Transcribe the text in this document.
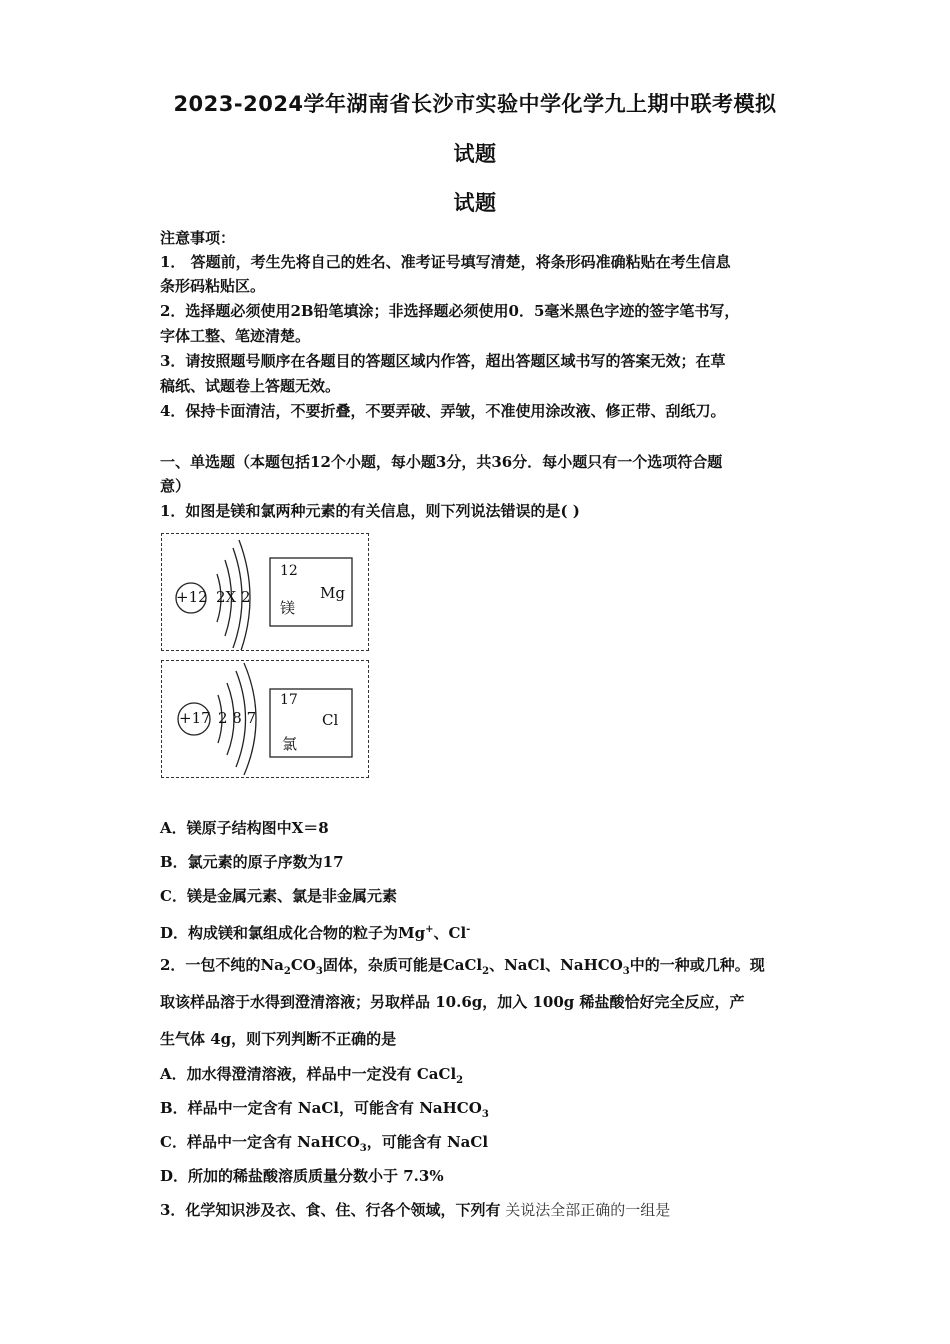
2023-2024学年湖南省长沙市实验中学化学九上期中联考模拟
试题
试题
注意事项：
1． 答题前，考生先将自己的姓名、准考证号填写清楚，将条形码准确粘贴在考生信息
条形码粘贴区。
2．选择题必须使用2B铅笔填涂；非选择题必须使用0．5毫米黑色字迹的签字笔书写，
字体工整、笔迹清楚。
3．请按照题号顺序在各题目的答题区域内作答，超出答题区域书写的答案无效；在草
稿纸、试题卷上答题无效。
4．保持卡面清洁，不要折叠，不要弄破、弄皱，不准使用涂改液、修正带、刮纸刀。
一、单选题（本题包括12个小题，每小题3分，共36分．每小题只有一个选项符合题
意）
1．如图是镁和氯两种元素的有关信息，则下列说法错误的是( )
+12 2X 2
12
Mg
镁
+17 2 8 7
17
Cl
氯
A．镁原子结构图中X＝8
B．氯元素的原子序数为17
C．镁是金属元素、氯是非金属元素
D．构成镁和氯组成化合物的粒子为Mg+、Cl-
2．一包不纯的$Na_2CO_3$固体，杂质可能是CaCl$_2$、NaCl、NaHCO$_3$中的一种或几种。现
取该样品溶于水得到澄清溶液；另取样品 10.6g，加入 100g 稀盐酸恰好完全反应，产
生气体 4g，则下列判断不正确的是
A．加水得澄清溶液，样品中一定没有 CaCl$_2$
B．样品中一定含有 NaCl，可能含有 NaHCO$_3$
C．样品中一定含有 NaHCO$_3$，可能含有 NaCl
D．所加的稀盐酸溶质质量分数小于 7.3%
3．化学知识涉及衣、食、住、行各个领域，下列有 关说法全部正确的一组是
